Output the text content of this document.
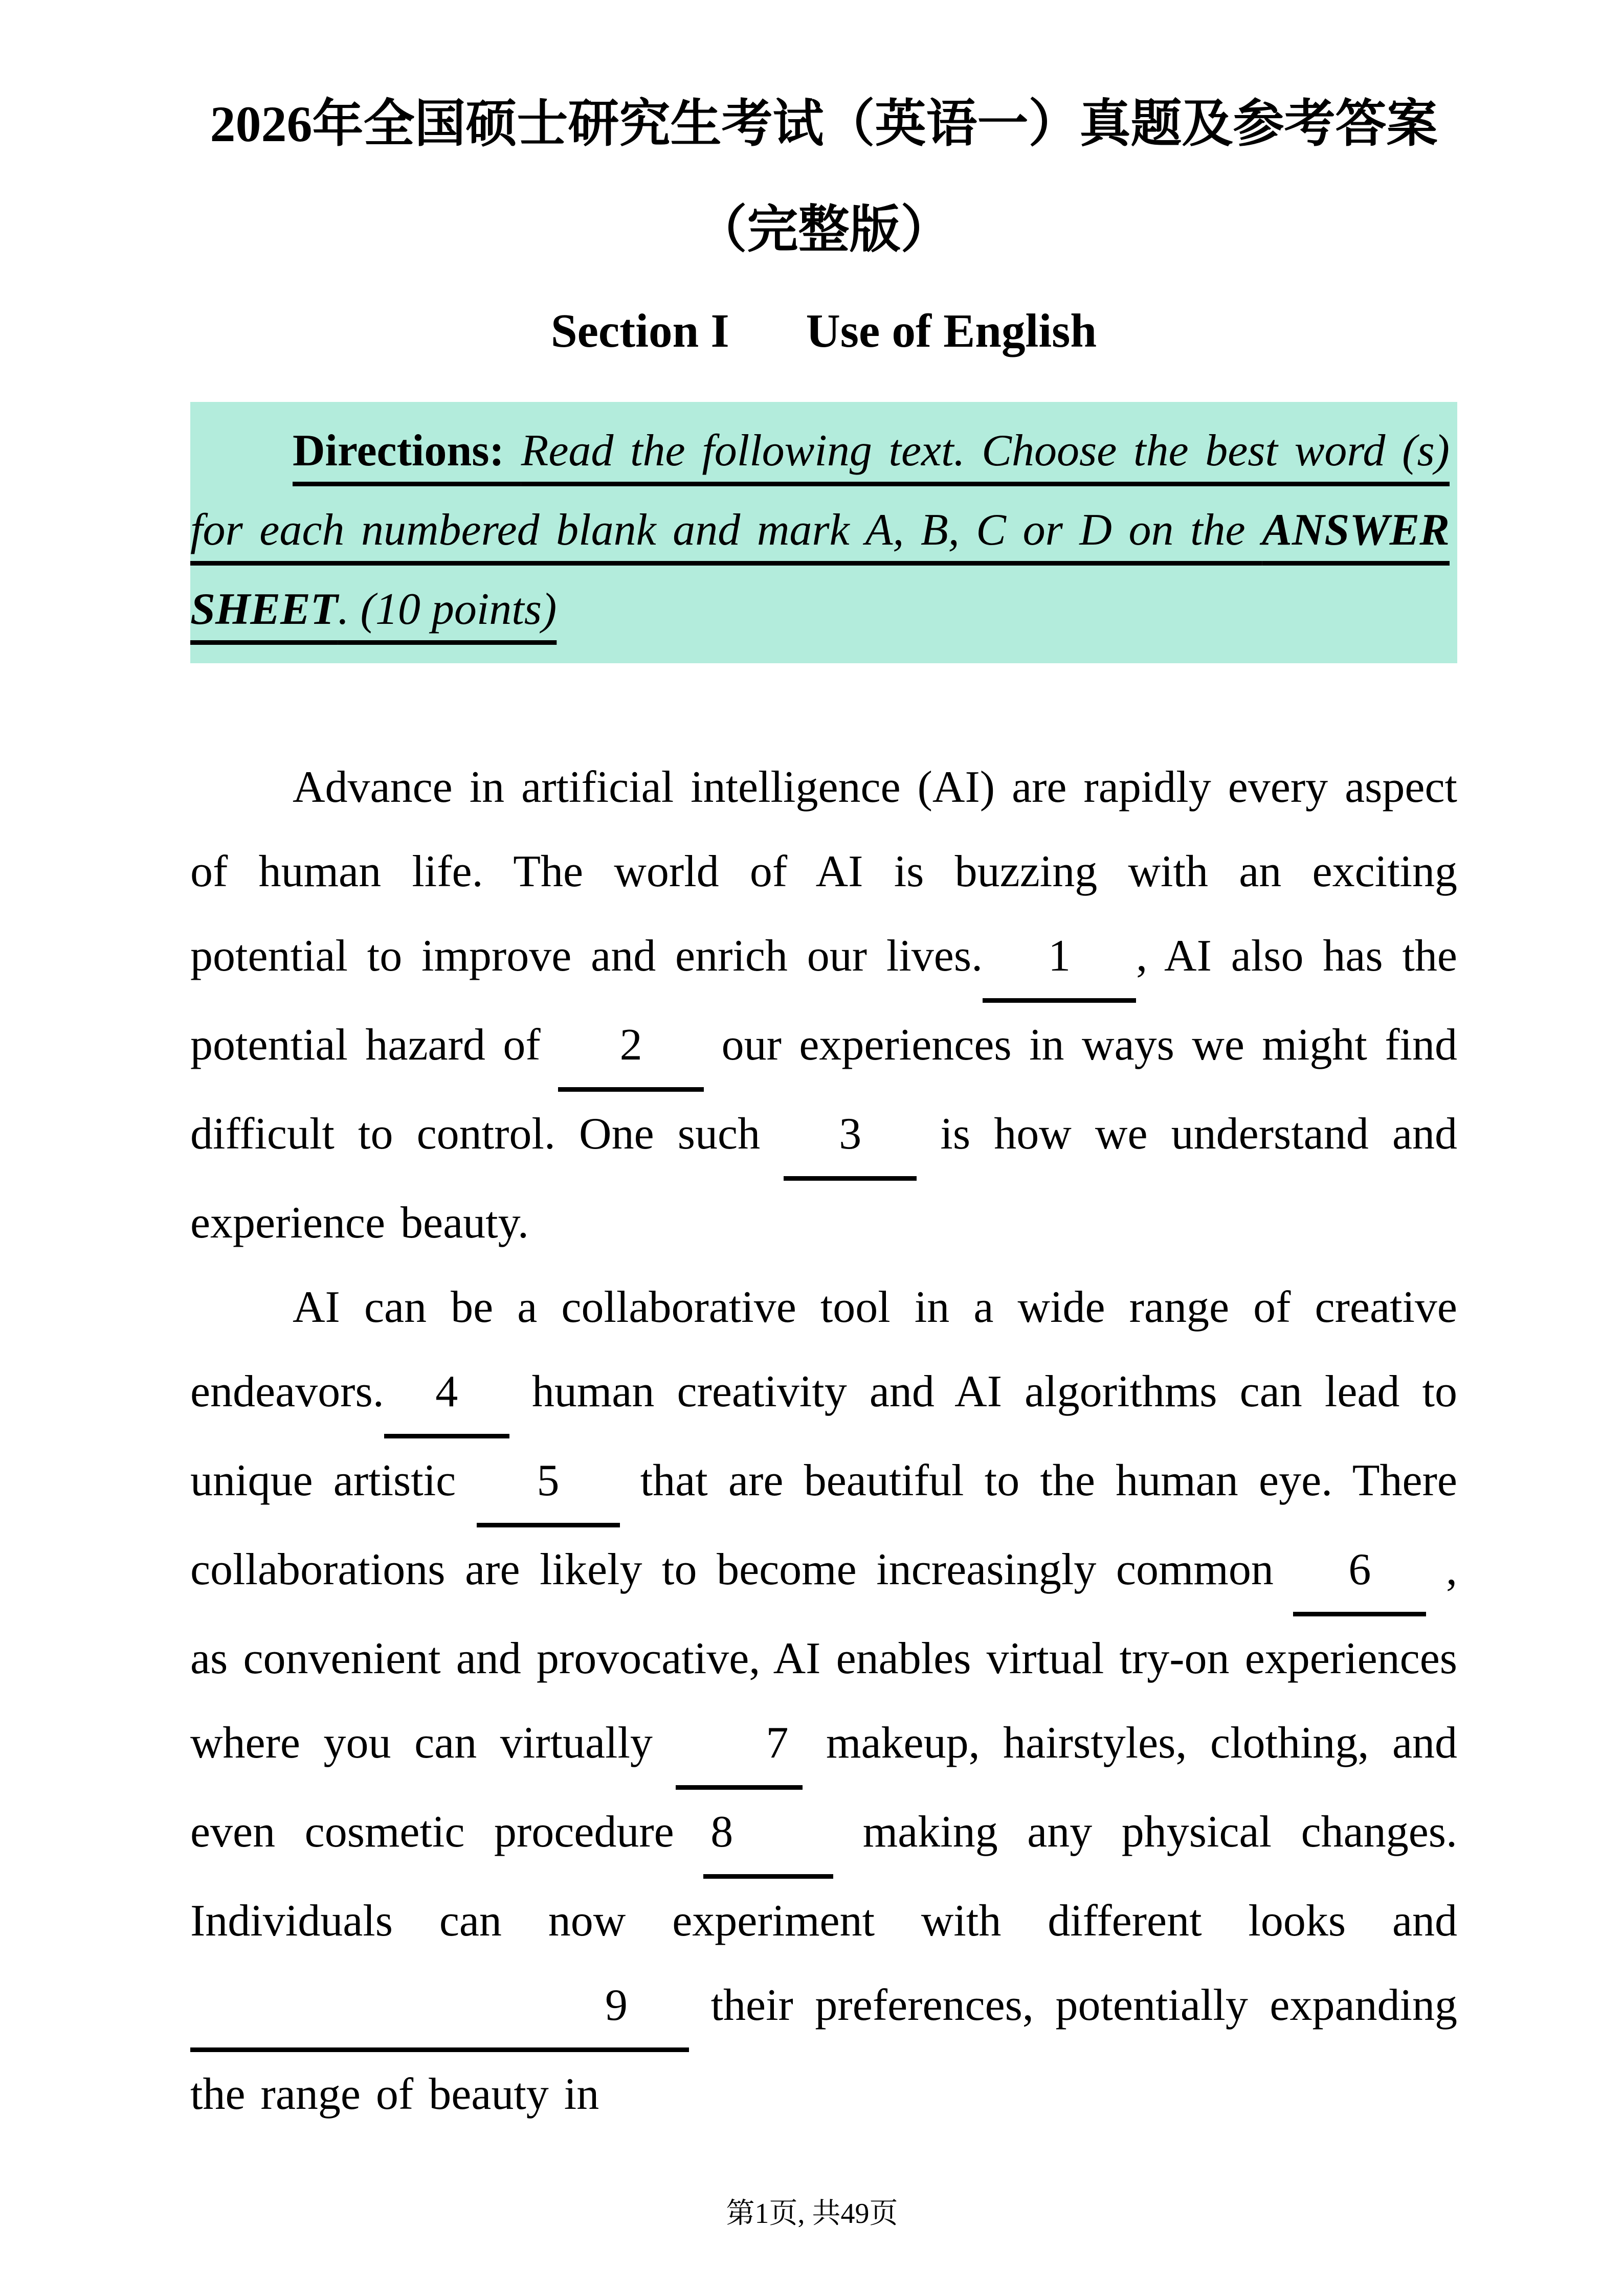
2026年全国硕士研究生考试（英语一）真题及参考答案
（完整版）
Section I Use of English

Directions: Read the following text. Choose the best word (s) for each numbered blank and mark A, B, C or D on the ANSWER SHEET. (10 points)

Advance in artificial intelligence (AI) are rapidly every aspect of human life. The world of AI is buzzing with an exciting potential to improve and enrich our lives. 1 , AI also has the potential hazard of 2 our experiences in ways we might find difficult to control. One such 3 is how we understand and experience beauty.

AI can be a collaborative tool in a wide range of creative endeavors. 4 human creativity and AI algorithms can lead to unique artistic 5 that are beautiful to the human eye. There collaborations are likely to become increasingly common 6 , as convenient and provocative, AI enables virtual try-on experiences where you can virtually 7 makeup, hairstyles, clothing, and even cosmetic procedure 8 making any physical changes. Individuals can now experiment with different looks and9 their preferences, potentially expanding the range of beauty in

第1页, 共49页
